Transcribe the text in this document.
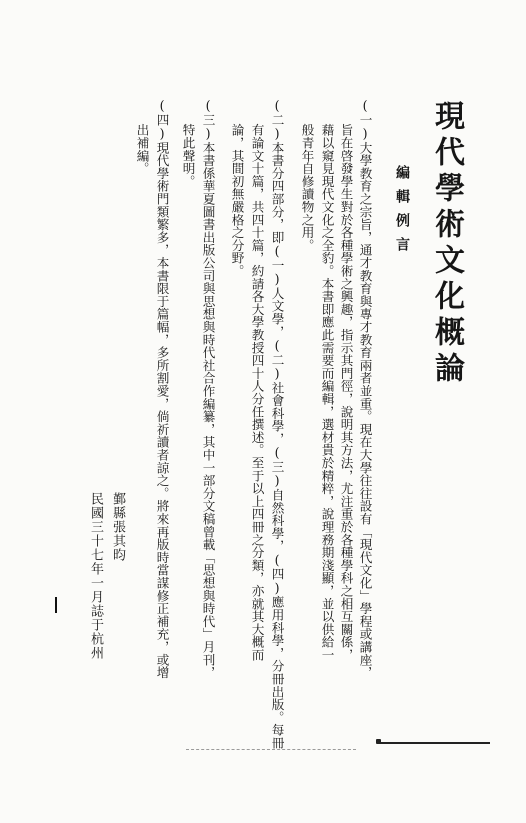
現代學術文化概論
編輯例言
(一)大學教育之宗旨，通才教育與專才教育兩者並重。現在大學往往設有「現代文化」學程或講座，
　　旨在啓發學生對於各種學術之興趣，指示其門徑，說明其方法，尤注重於各種學科之相互關係，
　　藉以窺見現代文化之全豹。本書即應此需要而編輯，選材貴於精粹，說理務期淺顯，並以供給一
　　般青年自修讀物之用。
(二)本書分四部分，即(一)人文學，(二)社會科學，(三)自然科學，(四)應用科學，分冊出版。每冊
　　有論文十篇，共四十篇，約請各大學教授四十人分任撰述。至于以上四冊之分類，亦就其大概而
　　論，其間初無嚴格之分野。
(三)本書係華夏圖書出版公司與思想與時代社合作編纂，其中一部分文稿曾載「思想與時代」月刊，
　　特此聲明。
(四)現代學術門類繁多，本書限于篇幅，多所割愛，倘祈讀者諒之。將來再版時當謀修正補充，或增
　　出補編。
鄞縣張其昀
民國三十七年一月誌于杭州
